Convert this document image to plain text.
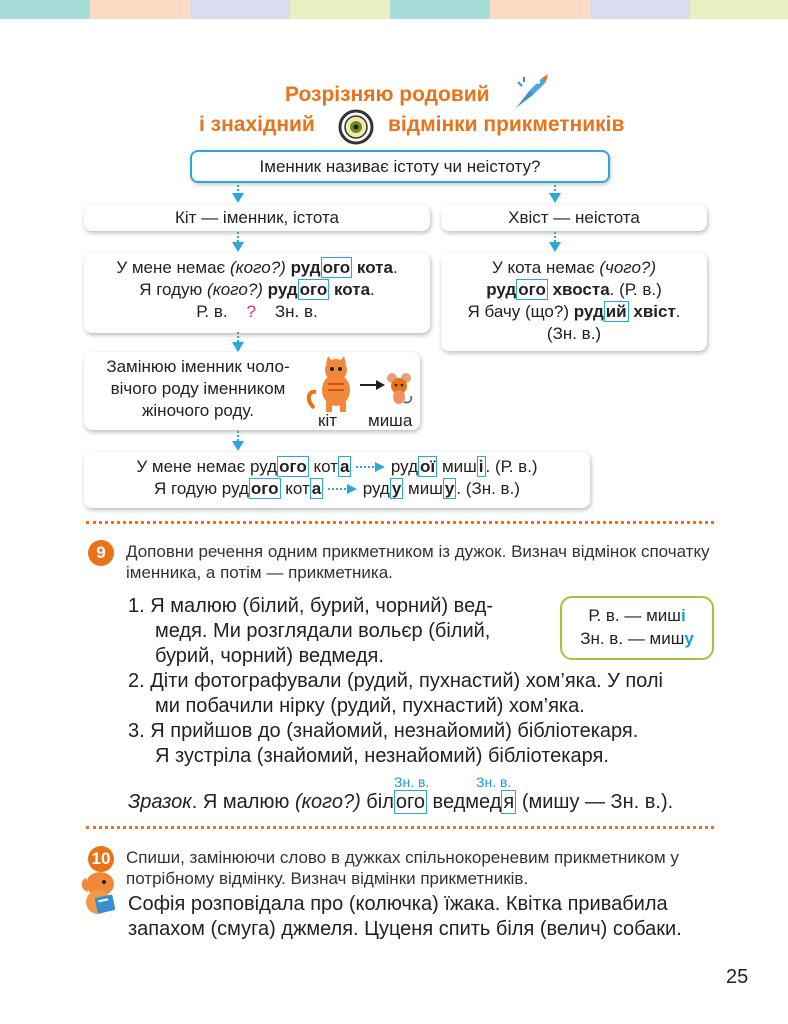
Розрізняю родовий
і знахідний	відмінки прикметників
Іменник називає істоту чи неістоту?
Кіт — іменник, істота	Хвіст — неістота
У мене немає (кого?) руд ого кота.
Я годую (кого?) руд ого кота.
Р. в. ? Зн. в.
У кота немає (чого?)
руд ого хвоста. (Р. в.)
Я бачу (що?) руд ий хвіст.
(Зн. в.)
Замінюю іменник чоловічого роду іменником жіночого роду.
кіт миша
У мене немає руд ого кот а руд ої миш і . (Р. в.)
Я годую руд ого кот а руд у миш у . (Зн. в.)
9	Доповни речення одним прикметником із дужок. Визнач відмінок спочатку іменника, а потім — прикметника.
1. Я малюю (білий, бурий, чорний) вед-
медя. Ми розглядали вольєр (білий,
бурий, чорний) ведмедя.
2. Діти фотографували (рудий, пухнастий) хом’яка. У полі
ми побачили нірку (рудий, пухнастий) хом’яка.
3. Я прийшов до (знайомий, незнайомий) бібліотекаря.
Я зустріла (знайомий, незнайомий) бібліотекаря.
Р. в. — миші
Зн. в. — мишу
Зн. в.	Зн. в.
Зразок. Я малюю (кого?) біл ого ведмед я (мишу — Зн. в.).
10 Спиши, замінюючи слово в дужках спільнокореневим прикметником у потрібному відмінку. Визнач відмінки прикметників.
Софія розповідала про (колючка) їжака. Квітка привабила
запахом (смуга) джмеля. Цуценя спить біля (велич) собаки.
25
